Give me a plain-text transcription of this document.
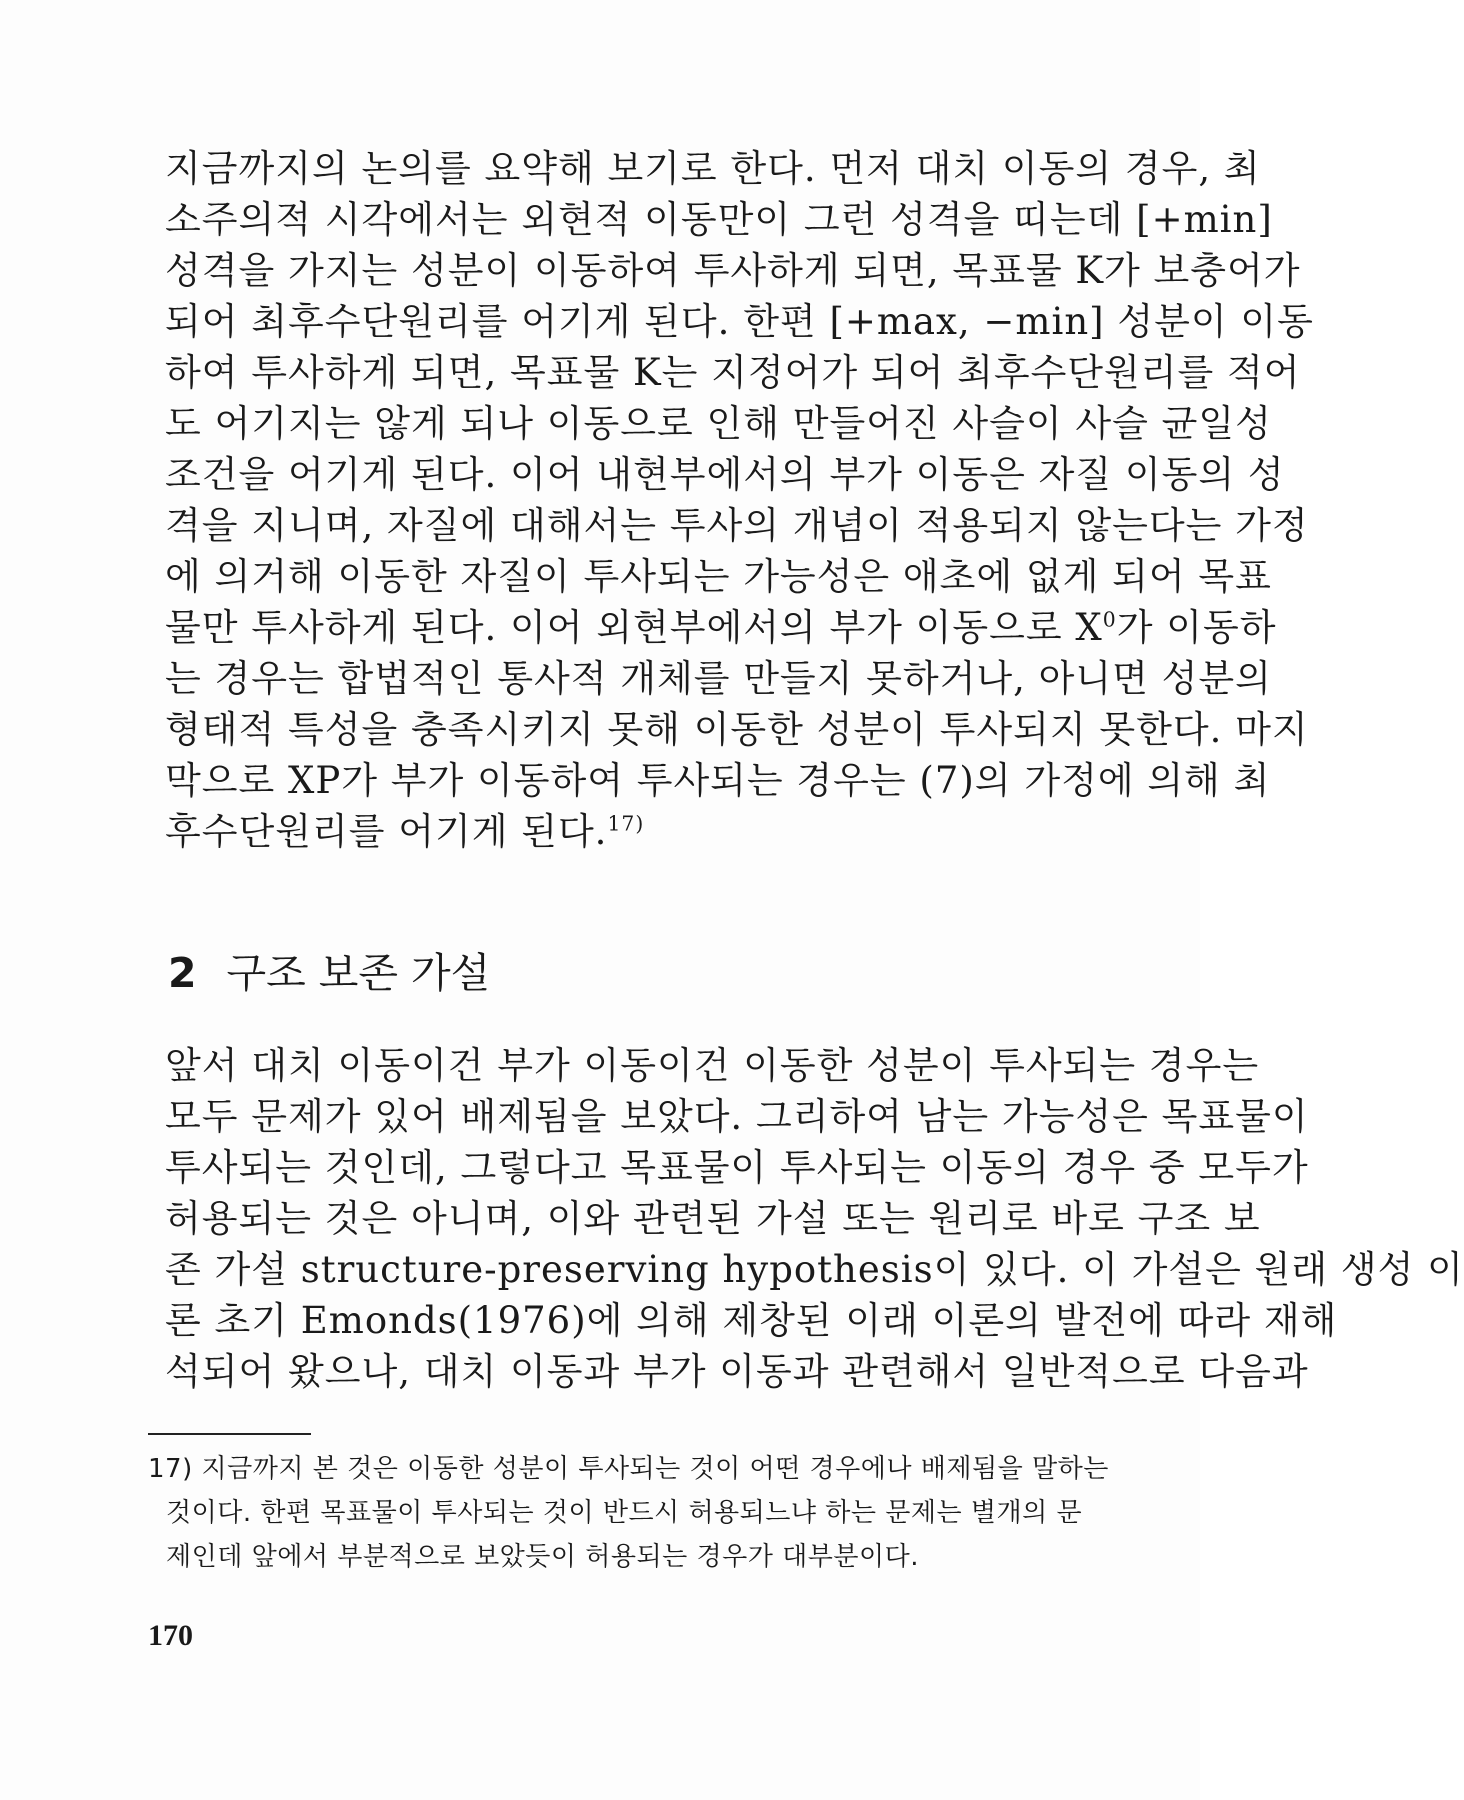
지금까지의 논의를 요약해 보기로 한다. 먼저 대치 이동의 경우, 최
소주의적 시각에서는 외현적 이동만이 그런 성격을 띠는데 [+min]
성격을 가지는 성분이 이동하여 투사하게 되면, 목표물 K가 보충어가
되어 최후수단원리를 어기게 된다. 한편 [+max, −min] 성분이 이동
하여 투사하게 되면, 목표물 K는 지정어가 되어 최후수단원리를 적어
도 어기지는 않게 되나 이동으로 인해 만들어진 사슬이 사슬 균일성
조건을 어기게 된다. 이어 내현부에서의 부가 이동은 자질 이동의 성
격을 지니며, 자질에 대해서는 투사의 개념이 적용되지 않는다는 가정
에 의거해 이동한 자질이 투사되는 가능성은 애초에 없게 되어 목표
물만 투사하게 된다. 이어 외현부에서의 부가 이동으로 $X^0$가 이동하
는 경우는 합법적인 통사적 개체를 만들지 못하거나, 아니면 성분의
형태적 특성을 충족시키지 못해 이동한 성분이 투사되지 못한다. 마지
막으로 XP가 부가 이동하여 투사되는 경우는 (7)의 가정에 의해 최
후수단원리를 어기게 된다.$^{17)}$
2 구조 보존 가설
앞서 대치 이동이건 부가 이동이건 이동한 성분이 투사되는 경우는
모두 문제가 있어 배제됨을 보았다. 그리하여 남는 가능성은 목표물이
투사되는 것인데, 그렇다고 목표물이 투사되는 이동의 경우 중 모두가
허용되는 것은 아니며, 이와 관련된 가설 또는 원리로 바로 구조 보
존 가설 structure-preserving hypothesis이 있다. 이 가설은 원래 생성 이
론 초기 Emonds(1976)에 의해 제창된 이래 이론의 발전에 따라 재해
석되어 왔으나, 대치 이동과 부가 이동과 관련해서 일반적으로 다음과
17) 지금까지 본 것은 이동한 성분이 투사되는 것이 어떤 경우에나 배제됨을 말하는
것이다. 한편 목표물이 투사되는 것이 반드시 허용되느냐 하는 문제는 별개의 문
제인데 앞에서 부분적으로 보았듯이 허용되는 경우가 대부분이다.
170
